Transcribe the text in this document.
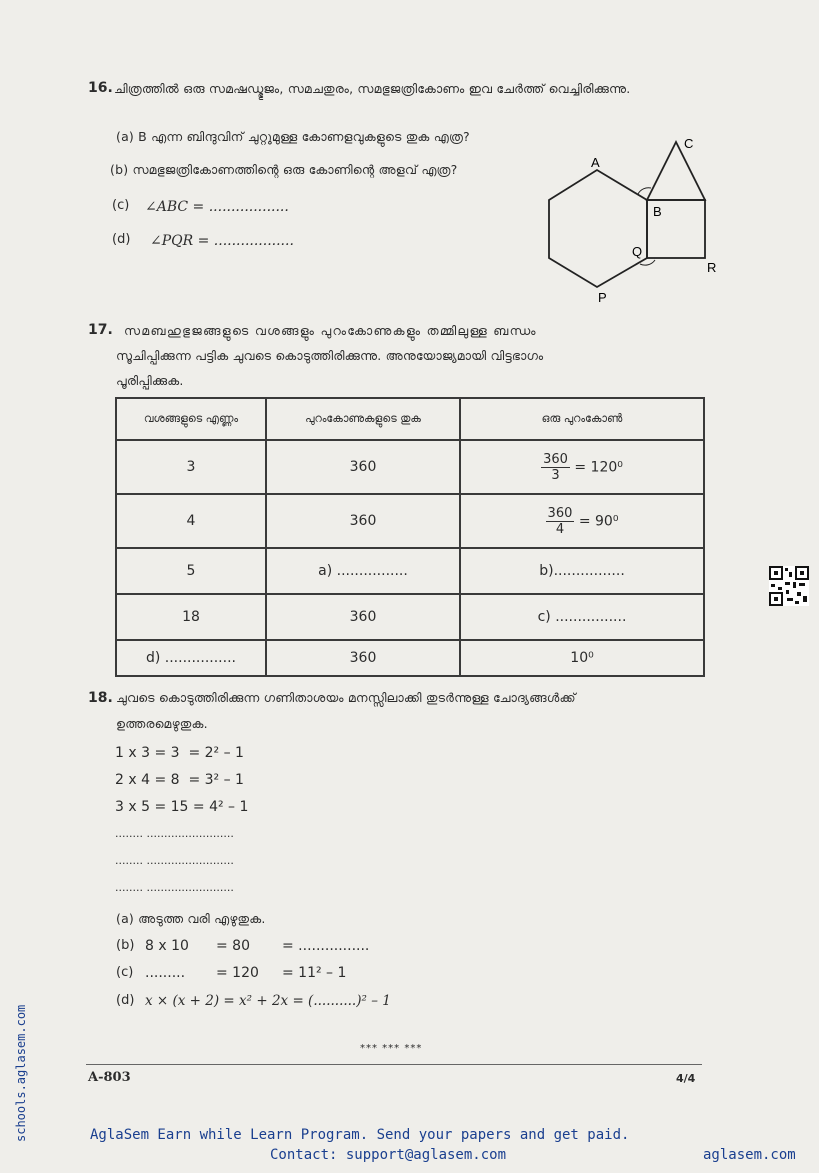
16. ചിത്രത്തിൽ ഒരു സമഷഡ്ഭുജം, സമചതുരം, സമഭുജത്രികോണം ഇവ ചേർത്ത് വെച്ചിരിക്കുന്നു.
(a) B എന്ന ബിന്ദുവിന് ചുറ്റുമുള്ള കോണളവുകളുടെ തുക എത്ര?
(b) സമഭുജത്രികോണത്തിന്റെ ഒരു കോണിന്റെ അളവ് എത്ര?
(c) ∠ABC = ..................
(d) ∠PQR = ..................
A
B
C
P
Q
R
17. സമബഹുഭുജങ്ങളുടെ വശങ്ങളും പുറംകോണുകളും തമ്മിലുള്ള ബന്ധം
സൂചിപ്പിക്കുന്ന പട്ടിക ചുവടെ കൊടുത്തിരിക്കുന്നു. അനുയോജ്യമായി വിട്ടഭാഗം
പൂരിപ്പിക്കുക.
വശങ്ങളുടെ എണ്ണം	പുറംകോണുകളുടെ തുക	ഒരു പുറംകോൺ
3	360	$\frac{360}{3} = 120^0$
4	360	$\frac{360}{4} = 90^0$
5	a) ................	b)................
18	360	c) ................
d) ................	360	10⁰
18. ചുവടെ കൊടുത്തിരിക്കുന്ന ഗണിതാശയം മനസ്സിലാക്കി തുടർന്നുള്ള ചോദ്യങ്ങൾക്ക്
ഉത്തരമെഴുതുക.
1 x 3 = 3  = 2² – 1
2 x 4 = 8  = 3² – 1
3 x 5 = 15 = 4² – 1
........ .........................
........ .........................
........ .........................
(a) അടുത്ത വരി എഴുതുക.
(b) 8 x 10 = 80 = ................
(c) ......... = 120 = 11² – 1
(d) x × (x + 2) = x² + 2x = (..........)² – 1
*** *** ***
A-803	4/4
AglaSem Earn while Learn Program. Send your papers and get paid.
Contact: support@aglasem.com	aglasem.com
schools.aglasem.com
